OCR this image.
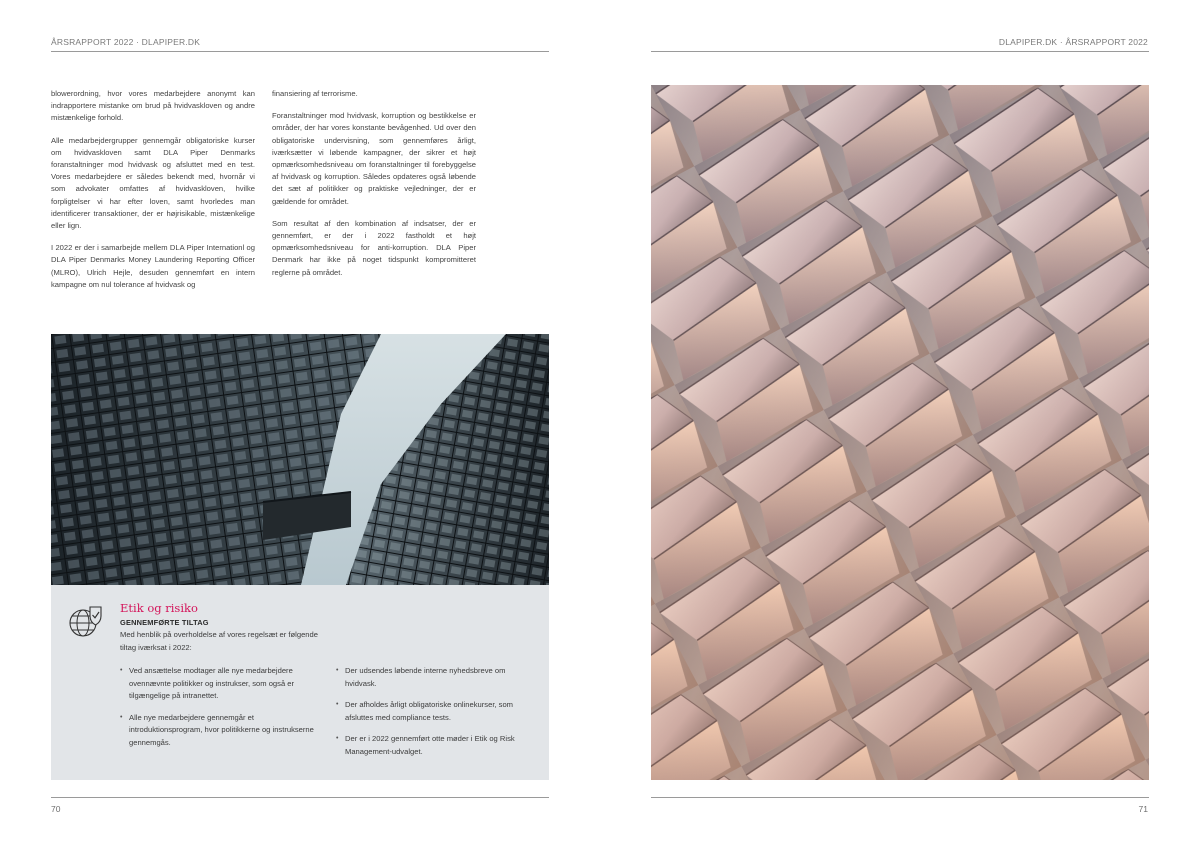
ÅRSRAPPORT 2022 · DLAPIPER.DK

blowerordning, hvor vores medarbejdere anonymt kan indrapportere mistanke om brud på hvidvaskloven og andre mistænkelige forhold.

Alle medarbejdergrupper gennemgår obligatoriske kurser om hvidvaskloven samt DLA Piper Denmarks foranstaltninger mod hvidvask og afsluttet med en test. Vores medarbejdere er således bekendt med, hvornår vi som advokater omfattes af hvidvaskloven, hvilke forpligtelser vi har efter loven, samt hvorledes man identificerer transaktioner, der er højrisikable, mistænkelige eller lign.

I 2022 er der i samarbejde mellem DLA Piper Internationl og DLA Piper Denmarks Money Laundering Reporting Officer (MLRO), Ulrich Hejle, desuden gennemført en intern kampagne om nul tolerance af hvidvask og

finansiering af terrorisme.

Foranstaltninger mod hvidvask, korruption og bestikkelse er områder, der har vores konstante bevågenhed. Ud over den obligatoriske undervisning, som gennemføres årligt, iværksætter vi løbende kampagner, der sikrer et højt opmærksomhedsniveau om foranstaltninger til forebyggelse af hvidvask og korruption. Således opdateres også løbende det sæt af politikker og praktiske vejledninger, der er gældende for området.

Som resultat af den kombination af indsatser, der er gennemført, er der i 2022 fastholdt et højt opmærksomhedsniveau for anti-korruption. DLA Piper Denmark har ikke på noget tidspunkt kompromitteret reglerne på området.

Etik og risiko
GENNEMFØRTE TILTAG
Med henblik på overholdelse af vores regelsæt er følgende tiltag iværksat i 2022:
• Ved ansættelse modtager alle nye medarbejdere ovennævnte politikker og instrukser, som også er tilgængelige på intranettet.
• Alle nye medarbejdere gennemgår et introduktionsprogram, hvor politikkerne og instrukserne gennemgås.
• Der udsendes løbende interne nyhedsbreve om hvidvask.
• Der afholdes årligt obligatoriske onlinekurser, som afsluttes med compliance tests.
• Der er i 2022 gennemført otte møder i Etik og Risk Management-udvalget.
70
DLAPIPER.DK · ÅRSRAPPORT 2022
71
